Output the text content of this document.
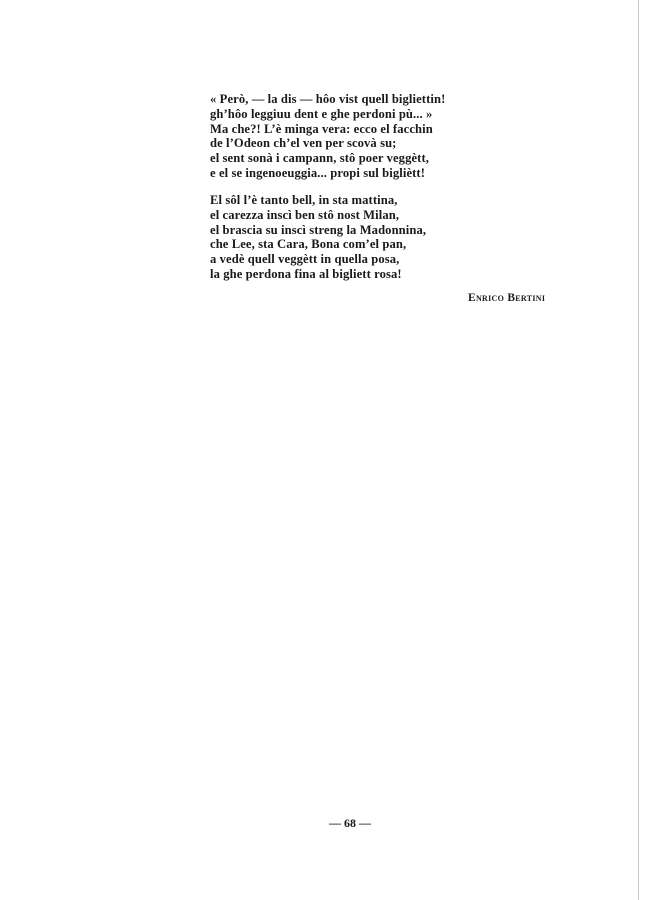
« Però, — la dis — hôo vist quell bigliettin!
gh’hôo leggiuu dent e ghe perdoni pù... »
Ma che?! L’è minga vera: ecco el facchin
de l’Odeon ch’el ven per scovà su;
el sent sonà i campann, stô poer veggètt,
e el se ingenoeuggia... propi sul bigliètt!
El sôl l’è tanto bell, in sta mattina,
el carezza inscì ben stô nost Milan,
el brascia su inscì streng la Madonnina,
che Lee, sta Cara, Bona com’el pan,
a vedè quell veggètt in quella posa,
la ghe perdona fina al bigliett rosa!
Enrico Bertini
— 68 —
